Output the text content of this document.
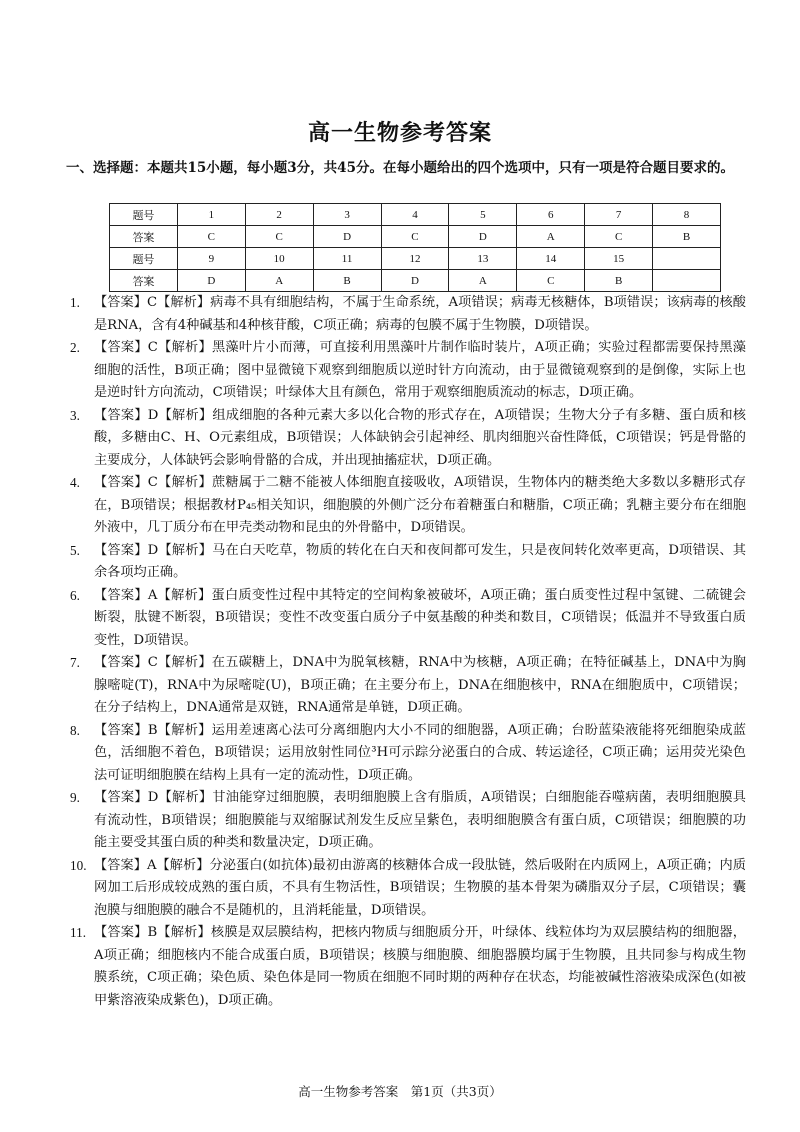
高一生物参考答案
一、选择题：本题共15小题，每小题3分，共45分。在每小题给出的四个选项中，只有一项是符合题目要求的。
题号	1	2	3	4	5	6	7	8
答案	C	C	D	C	D	A	C	B
题号	9	10	11	12	13	14	15	
答案	D	A	B	D	A	C	B	
1.	【答案】C【解析】病毒不具有细胞结构，不属于生命系统，A项错误；病毒无核糖体，B项错误；该病毒的核酸是RNA，含有4种碱基和4种核苷酸，C项正确；病毒的包膜不属于生物膜，D项错误。
2.	【答案】C【解析】黑藻叶片小而薄，可直接利用黑藻叶片制作临时装片，A项正确；实验过程都需要保持黑藻细胞的活性，B项正确；图中显微镜下观察到细胞质以逆时针方向流动，由于显微镜观察到的是倒像，实际上也是逆时针方向流动，C项错误；叶绿体大且有颜色，常用于观察细胞质流动的标志，D项正确。
3.	【答案】D【解析】组成细胞的各种元素大多以化合物的形式存在，A项错误；生物大分子有多糖、蛋白质和核酸，多糖由C、H、O元素组成，B项错误；人体缺钠会引起神经、肌肉细胞兴奋性降低，C项错误；钙是骨骼的主要成分，人体缺钙会影响骨骼的合成，并出现抽搐症状，D项正确。
4.	【答案】C【解析】蔗糖属于二糖不能被人体细胞直接吸收，A项错误，生物体内的糖类绝大多数以多糖形式存在，B项错误；根据教材P₄₅相关知识，细胞膜的外侧广泛分布着糖蛋白和糖脂，C项正确；乳糖主要分布在细胞外液中，几丁质分布在甲壳类动物和昆虫的外骨骼中，D项错误。
5.	【答案】D【解析】马在白天吃草，物质的转化在白天和夜间都可发生，只是夜间转化效率更高，D项错误、其余各项均正确。
6.	【答案】A【解析】蛋白质变性过程中其特定的空间构象被破坏，A项正确；蛋白质变性过程中氢键、二硫键会断裂，肽键不断裂，B项错误；变性不改变蛋白质分子中氨基酸的种类和数目，C项错误；低温并不导致蛋白质变性，D项错误。
7.	【答案】C【解析】在五碳糖上，DNA中为脱氧核糖，RNA中为核糖，A项正确；在特征碱基上，DNA中为胸腺嘧啶(T)，RNA中为尿嘧啶(U)，B项正确；在主要分布上，DNA在细胞核中，RNA在细胞质中，C项错误；在分子结构上，DNA通常是双链，RNA通常是单链，D项正确。
8.	【答案】B【解析】运用差速离心法可分离细胞内大小不同的细胞器，A项正确；台盼蓝染液能将死细胞染成蓝色，活细胞不着色，B项错误；运用放射性同位³H可示踪分泌蛋白的合成、转运途径，C项正确；运用荧光染色法可证明细胞膜在结构上具有一定的流动性，D项正确。
9.	【答案】D【解析】甘油能穿过细胞膜，表明细胞膜上含有脂质，A项错误；白细胞能吞噬病菌，表明细胞膜具有流动性，B项错误；细胞膜能与双缩脲试剂发生反应呈紫色，表明细胞膜含有蛋白质，C项错误；细胞膜的功能主要受其蛋白质的种类和数量决定，D项正确。
10. 【答案】A【解析】分泌蛋白(如抗体)最初由游离的核糖体合成一段肽链，然后吸附在内质网上，A项正确；内质网加工后形成较成熟的蛋白质，不具有生物活性，B项错误；生物膜的基本骨架为磷脂双分子层，C项错误；囊泡膜与细胞膜的融合不是随机的，且消耗能量，D项错误。
11. 【答案】B【解析】核膜是双层膜结构，把核内物质与细胞质分开，叶绿体、线粒体均为双层膜结构的细胞器，A项正确；细胞核内不能合成蛋白质，B项错误；核膜与细胞膜、细胞器膜均属于生物膜，且共同参与构成生物膜系统，C项正确；染色质、染色体是同一物质在细胞不同时期的两种存在状态，均能被碱性溶液染成深色(如被甲紫溶液染成紫色)，D项正确。
高一生物参考答案　第1页（共3页）
